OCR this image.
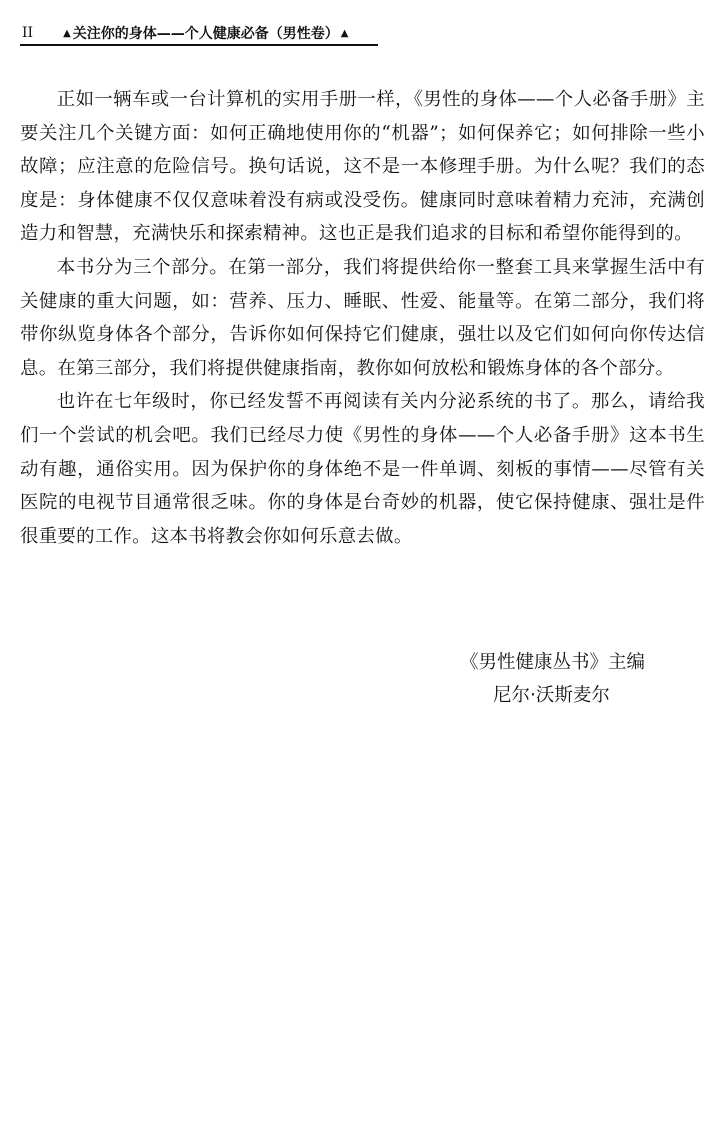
II	▲ 关注你的身体——个人健康必备（男性卷） ▲

正如一辆车或一台计算机的实用手册一样，《男性的身体——个人必备手册》主要关注几个关键方面：如何正确地使用你的“机器”；如何保养它；如何排除一些小故障；应注意的危险信号。换句话说，这不是一本修理手册。为什么呢？我们的态度是：身体健康不仅仅意味着没有病或没受伤。健康同时意味着精力充沛，充满创造力和智慧，充满快乐和探索精神。这也正是我们追求的目标和希望你能得到的。

本书分为三个部分。在第一部分，我们将提供给你一整套工具来掌握生活中有关健康的重大问题，如：营养、压力、睡眠、性爱、能量等。在第二部分，我们将带你纵览身体各个部分，告诉你如何保持它们健康，强壮以及它们如何向你传达信息。在第三部分，我们将提供健康指南，教你如何放松和锻炼身体的各个部分。

也许在七年级时，你已经发誓不再阅读有关内分泌系统的书了。那么，请给我们一个尝试的机会吧。我们已经尽力使《男性的身体——个人必备手册》这本书生动有趣，通俗实用。因为保护你的身体绝不是一件单调、刻板的事情——尽管有关医院的电视节目通常很乏味。你的身体是台奇妙的机器，使它保持健康、强壮是件很重要的工作。这本书将教会你如何乐意去做。

《男性健康丛书》主编
尼尔·沃斯麦尔
